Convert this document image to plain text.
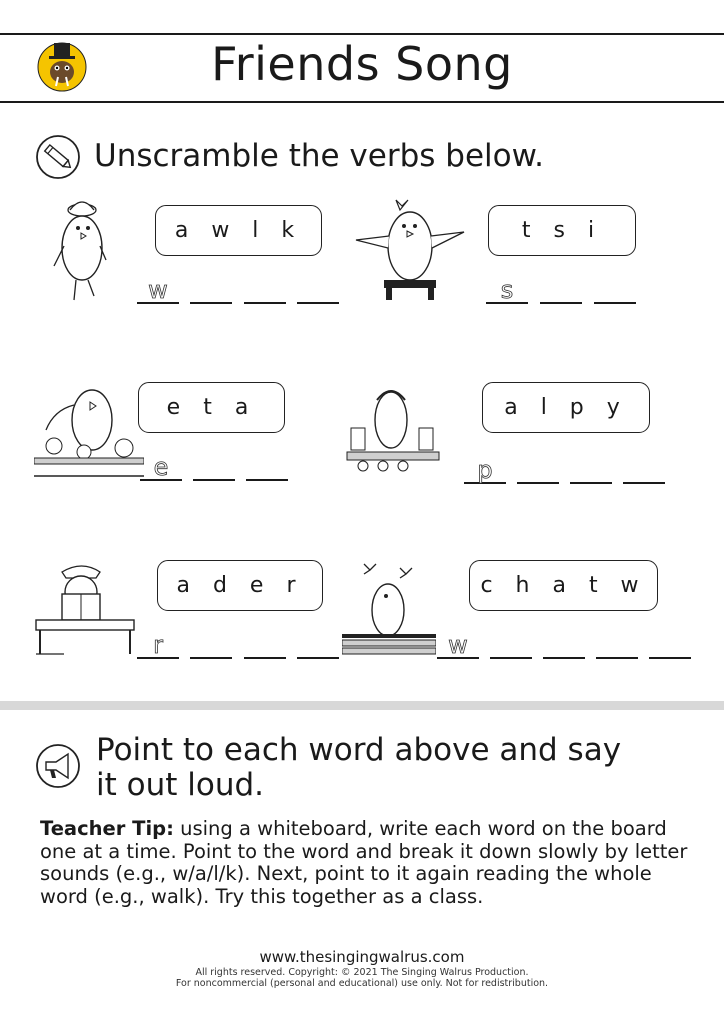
Friends Song
Unscramble the verbs below.
a w l k
w
t s i
s
e t a
e
a l p y
p
a d e r
r
c h a t w
w
Point to each word above and say
it out loud.
Teacher Tip: using a whiteboard, write each word on the board one at a time. Point to the word and break it down slowly by letter sounds (e.g., w/a/l/k). Next, point to it again reading the whole word (e.g., walk). Try this together as a class.
www.thesingingwalrus.com
All rights reserved. Copyright: © 2021 The Singing Walrus Production.
For noncommercial (personal and educational) use only. Not for redistribution.
